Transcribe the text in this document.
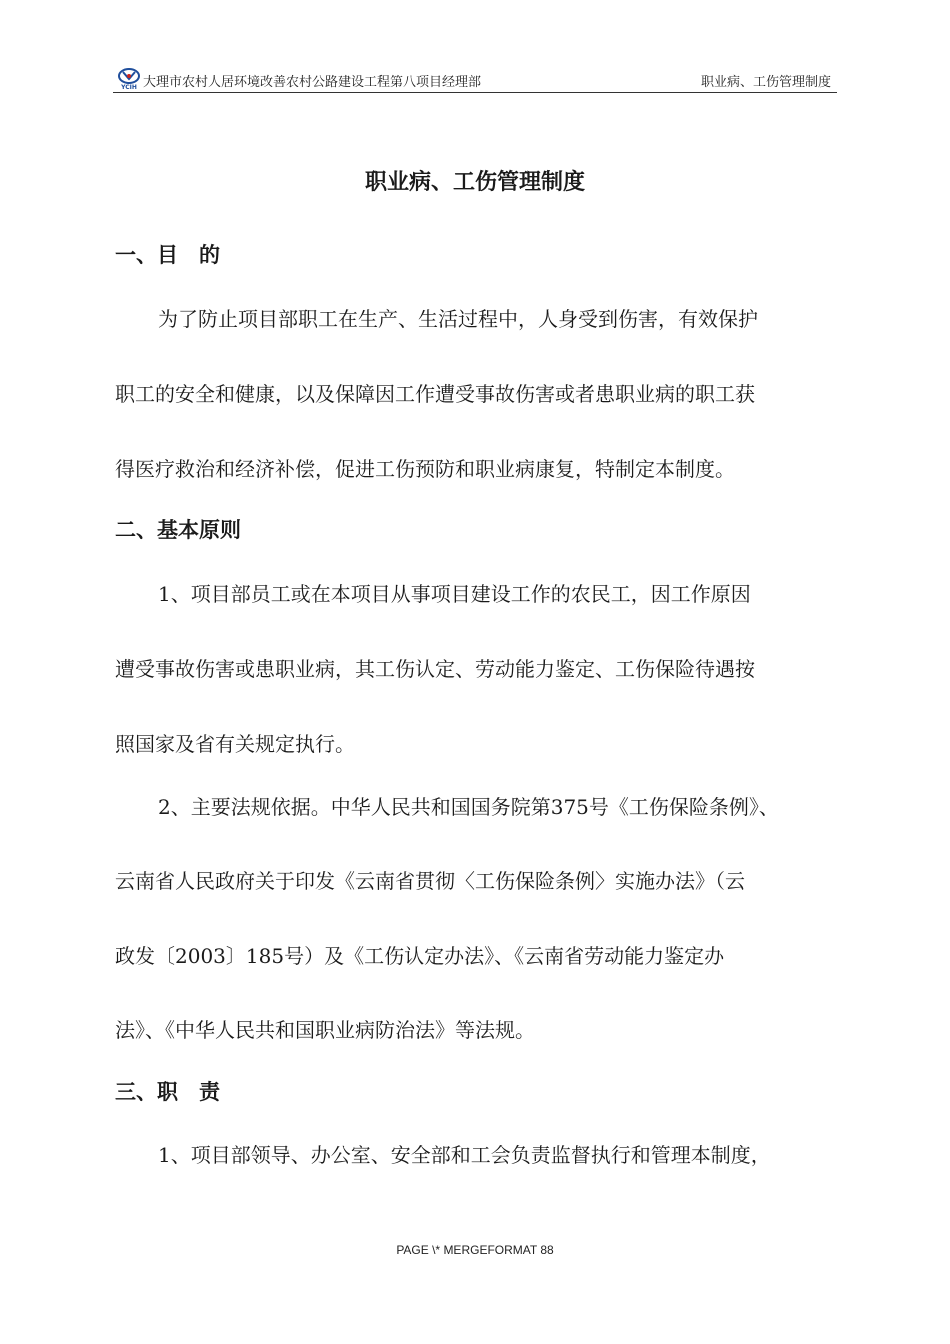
YCIH 大理市农村人居环境改善农村公路建设工程第八项目经理部	职业病、工伤管理制度
职业病、工伤管理制度
一、目　的
为了防止项目部职工在生产、生活过程中，人身受到伤害，有效保护
职工的安全和健康，以及保障因工作遭受事故伤害或者患职业病的职工获
得医疗救治和经济补偿，促进工伤预防和职业病康复，特制定本制度。
二、基本原则
1、项目部员工或在本项目从事项目建设工作的农民工，因工作原因
遭受事故伤害或患职业病，其工伤认定、劳动能力鉴定、工伤保险待遇按
照国家及省有关规定执行。
2、主要法规依据。中华人民共和国国务院第375号《工伤保险条例》、
云南省人民政府关于印发《云南省贯彻〈工伤保险条例〉实施办法》（云
政发〔2003〕185号）及《工伤认定办法》、《云南省劳动能力鉴定办
法》、《中华人民共和国职业病防治法》等法规。
三、职　责
1、项目部领导、办公室、安全部和工会负责监督执行和管理本制度，
PAGE \* MERGEFORMAT 88
